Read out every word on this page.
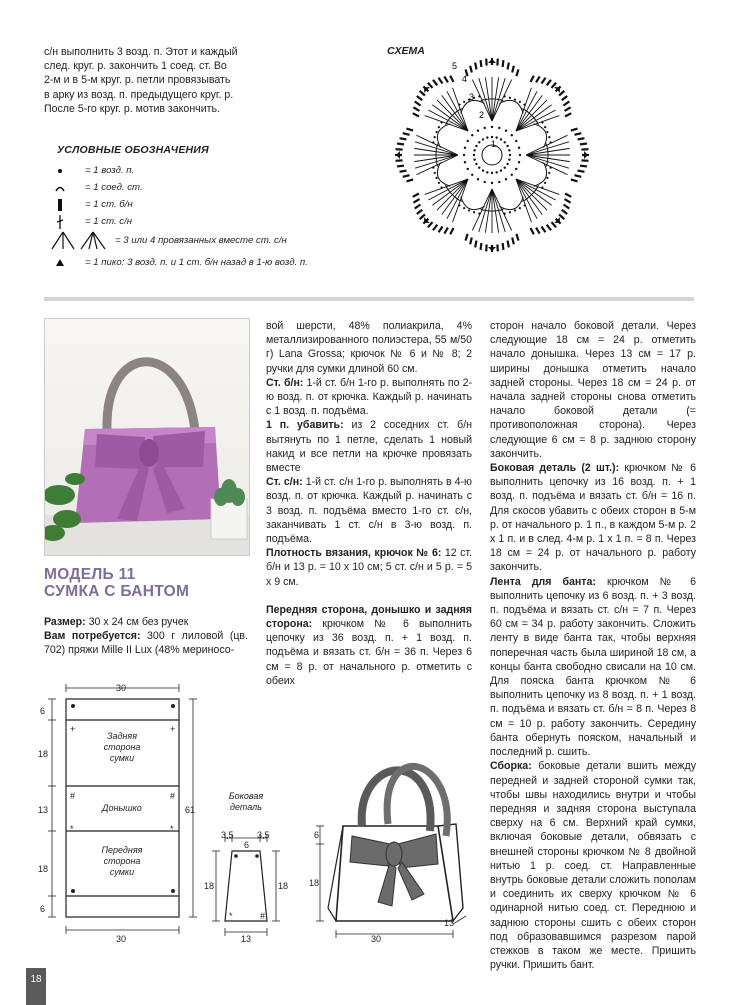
с/н выполнить 3 возд. п. Этот и каждый

след. круг. р. закончить 1 соед. ст. Во

2-м и в 5-м круг. р. петли провязывать

в арку из возд. п. предыдущего круг. р.

После 5-го круг. р. мотив закончить.

УСЛОВНЫЕ ОБОЗНАЧЕНИЯ
= 1 возд. п.
= 1 соед. ст.
= 1 ст. б/н
= 1 ст. с/н
= 3 или 4 провязанных вместе ст. с/н
= 1 пико: 3 возд. п. и 1 ст. б/н назад в 1-ю возд. п.
СХЕМА
1
2
3
4
5
МОДЕЛЬ 11
СУМКА С БАНТОМ

Размер: 30 х 24 см без ручек

Вам потребуется: 300 г лиловой (цв. 702) пряжи Mille II Lux (48% мериносо-

вой шерсти, 48% полиакрила, 4% металлизированного полиэстера, 55 м/50 г) Lana Grossa; крючок № 6 и № 8; 2 ручки для сумки длиной 60 см.

Ст. б/н: 1-й ст. б/н 1-го р. выполнять по 2-ю возд. п. от крючка. Каждый р. начинать с 1 возд. п. подъёма.

1 п. убавить: из 2 соседних ст. б/н вытянуть по 1 петле, сделать 1 новый накид и все петли на крючке провязать вместе

Ст. с/н: 1-й ст. с/н 1-го р. выполнять в 4-ю возд. п. от крючка. Каждый р. начинать с 3 возд. п. подъёма вместо 1-го ст. с/н, заканчивать 1 ст. с/н в 3-ю возд. п. подъёма.

Плотность вязания, крючок № 6: 12 ст. б/н и 13 р. = 10 х 10 см; 5 ст. с/н и 5 р. = 5 х 9 см.

Передняя сторона, донышко и задняя сторона: крючком № 6 выполнить цепочку из 36 возд. п. + 1 возд. п. подъёма и вязать ст. б/н = 36 п. Через 6 см = 8 р. от начального р. отметить с обеих

сторон начало боковой детали. Через следующие 18 см = 24 р. отметить начало донышка. Через 13 см = 17 р. ширины донышка отметить начало задней стороны. Через 18 см = 24 р. от начала задней стороны снова отметить начало боковой детали (= противоположная сторона). Через следующие 6 см = 8 р. заднюю сторону закончить.

Боковая деталь (2 шт.): крючком № 6 выполнить цепочку из 16 возд. п. + 1 возд. п. подъёма и вязать ст. б/н = 16 п. Для скосов убавить с обеих сторон в 5-м р. от начального р. 1 п., в каждом 5-м р. 2 х 1 п. и в след. 4-м р. 1 х 1 п. = 8 п. Через 18 см = 24 р. от начального р. работу закончить.

Лента для банта: крючком № 6 выполнить цепочку из 6 возд. п. + 3 возд. п. подъёма и вязать ст. с/н = 7 п. Через 60 см = 34 р. работу закончить. Сложить ленту в виде банта так, чтобы верхняя поперечная часть была шириной 18 см, а концы банта свободно свисали на 10 см. Для пояска банта крючком № 6 выполнить цепочку из 8 возд. п. + 1 возд. п. подъёма и вязать ст. б/н = 8 п. Через 8 см = 10 р. работу закончить. Середину банта обернуть пояском, начальный и последний р. сшить.

Сборка: боковые детали вшить между передней и задней стороной сумки так, чтобы швы находились внутри и чтобы передняя и задняя сторона выступала сверху на 6 см. Верхний край сумки, включая боковые детали, обвязать с внешней стороны крючком № 8 двойной нитью 1 р. соед. ст. Направленные внутрь боковые детали сложить пополам и соединить их сверху крючком № 6 одинарной нитью соед. ст. Переднюю и заднюю стороны сшить с обеих сторон под образовавшимся разрезом парой стежков в таком же месте. Пришить ручки. Пришить бант.

+	+
#	#
*	*
*	#
30
30
6
18
13
18
6
61
Задняя
сторона
сумки
Донышко
Передняя
сторона
сумки
Боковая
деталь
3,5	3,5
6
18	18
13
6
18
30
13
18
